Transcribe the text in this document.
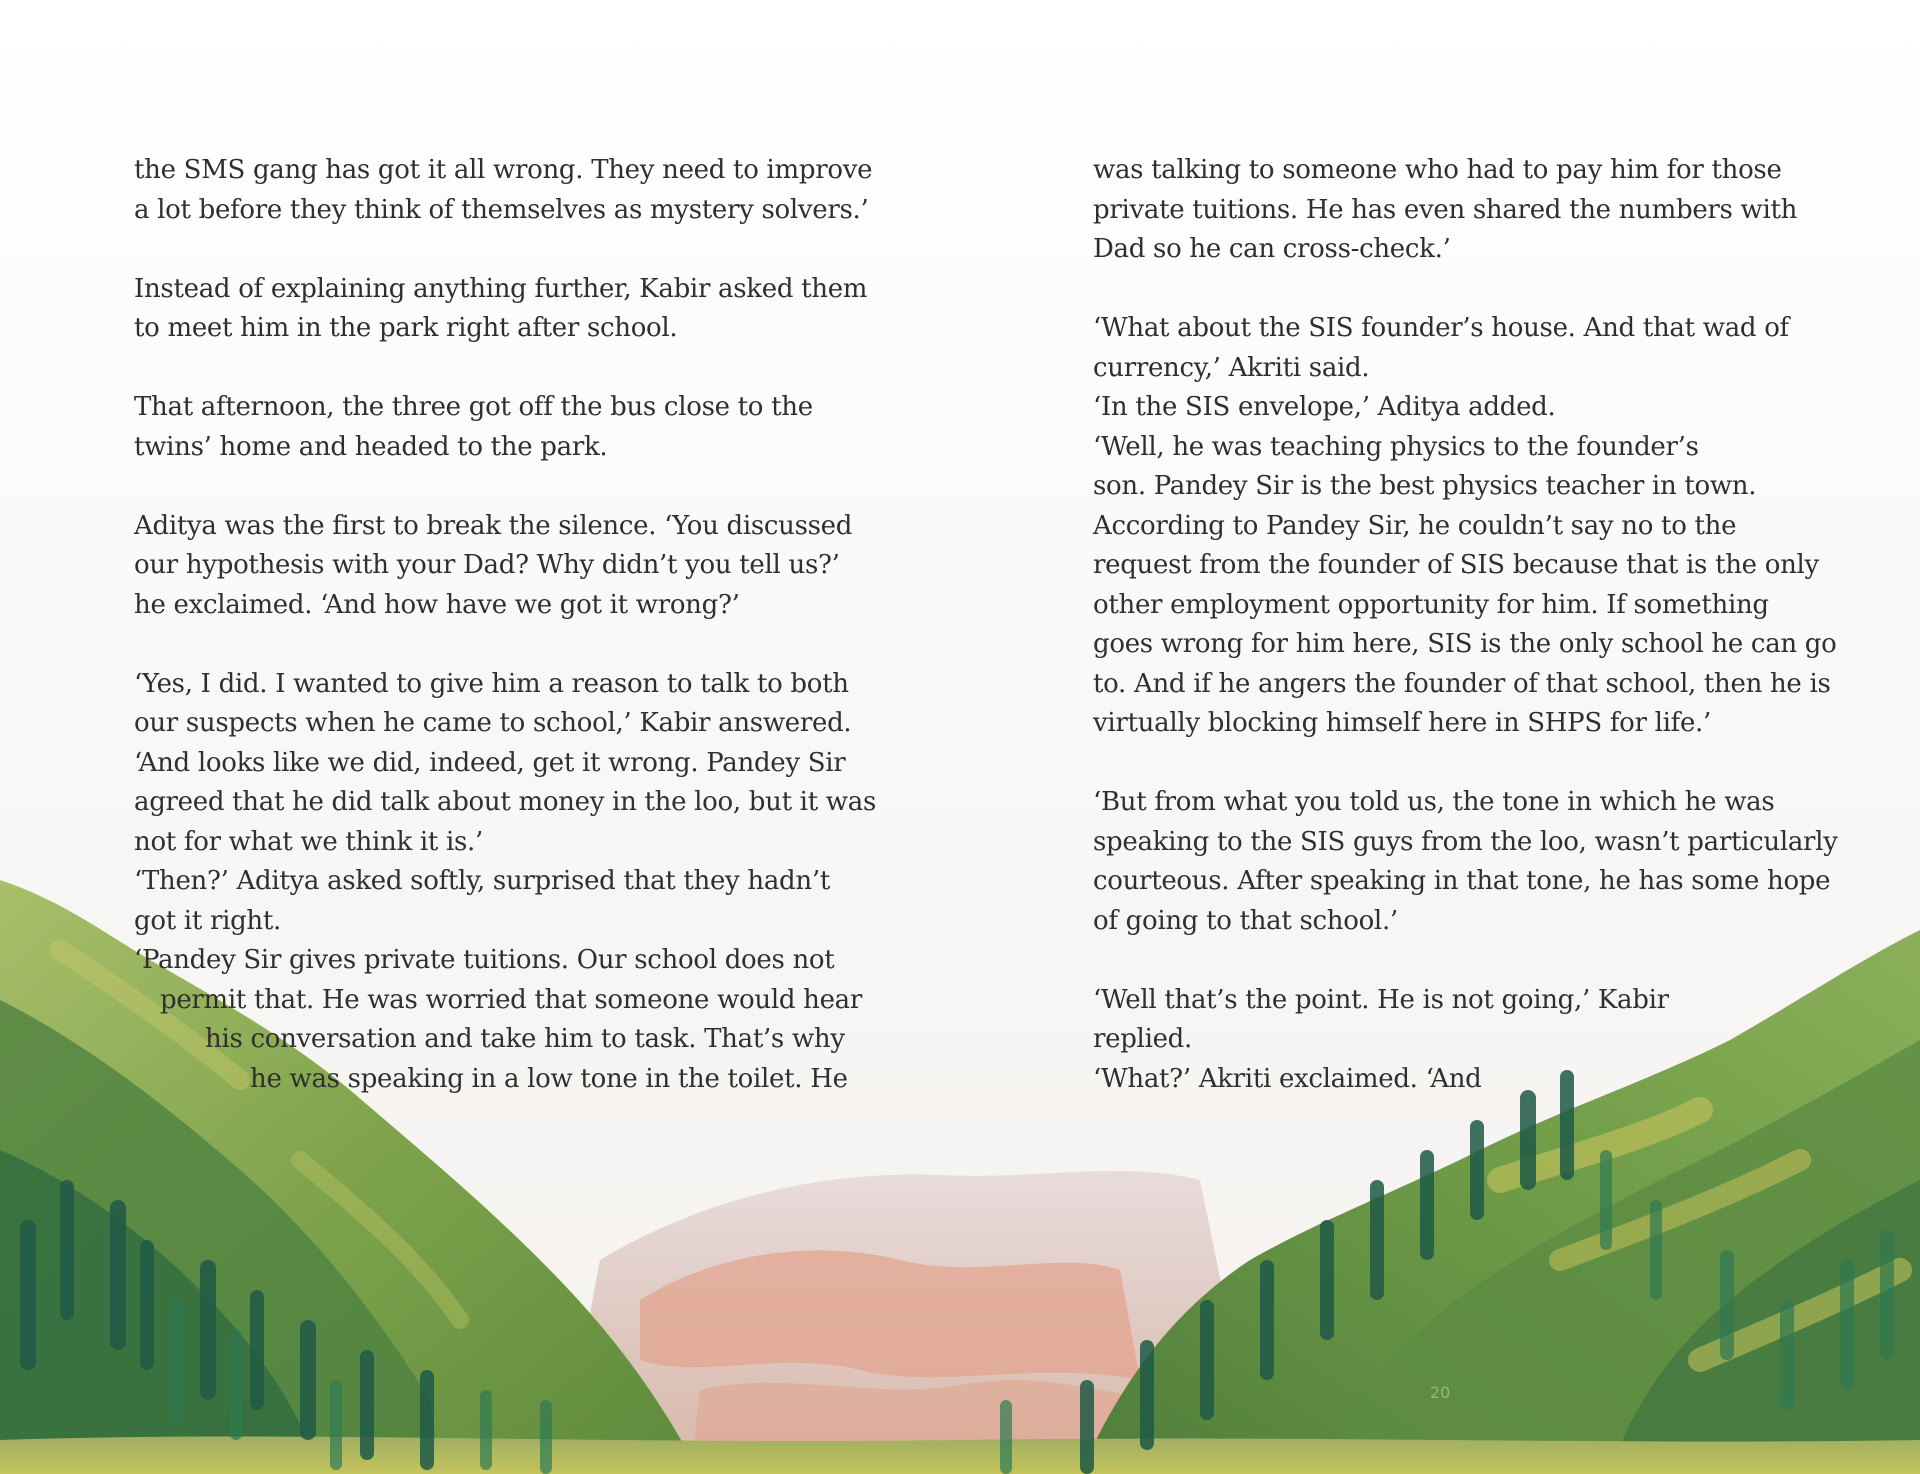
the SMS gang has got it all wrong. They need to improve
a lot before they think of themselves as mystery solvers.’
Instead of explaining anything further, Kabir asked them
to meet him in the park right after school.
That afternoon, the three got off the bus close to the
twins’ home and headed to the park.
Aditya was the first to break the silence. ‘You discussed
our hypothesis with your Dad? Why didn’t you tell us?’
he exclaimed. ‘And how have we got it wrong?’
‘Yes, I did. I wanted to give him a reason to talk to both
our suspects when he came to school,’ Kabir answered.
‘And looks like we did, indeed, get it wrong. Pandey Sir
agreed that he did talk about money in the loo, but it was
not for what we think it is.’
‘Then?’ Aditya asked softly, surprised that they hadn’t
got it right.
‘Pandey Sir gives private tuitions. Our school does not
permit that. He was worried that someone would hear
his conversation and take him to task. That’s why
he was speaking in a low tone in the toilet. He
was talking to someone who had to pay him for those
private tuitions. He has even shared the numbers with
Dad so he can cross-check.’
‘What about the SIS founder’s house. And that wad of
currency,’ Akriti said.
‘In the SIS envelope,’ Aditya added.
‘Well, he was teaching physics to the founder’s
son. Pandey Sir is the best physics teacher in town.
According to Pandey Sir, he couldn’t say no to the
request from the founder of SIS because that is the only
other employment opportunity for him. If something
goes wrong for him here, SIS is the only school he can go
to. And if he angers the founder of that school, then he is
virtually blocking himself here in SHPS for life.’
‘But from what you told us, the tone in which he was
speaking to the SIS guys from the loo, wasn’t particularly
courteous. After speaking in that tone, he has some hope
of going to that school.’
‘Well that’s the point. He is not going,’ Kabir
replied.
‘What?’ Akriti exclaimed. ‘And
20
